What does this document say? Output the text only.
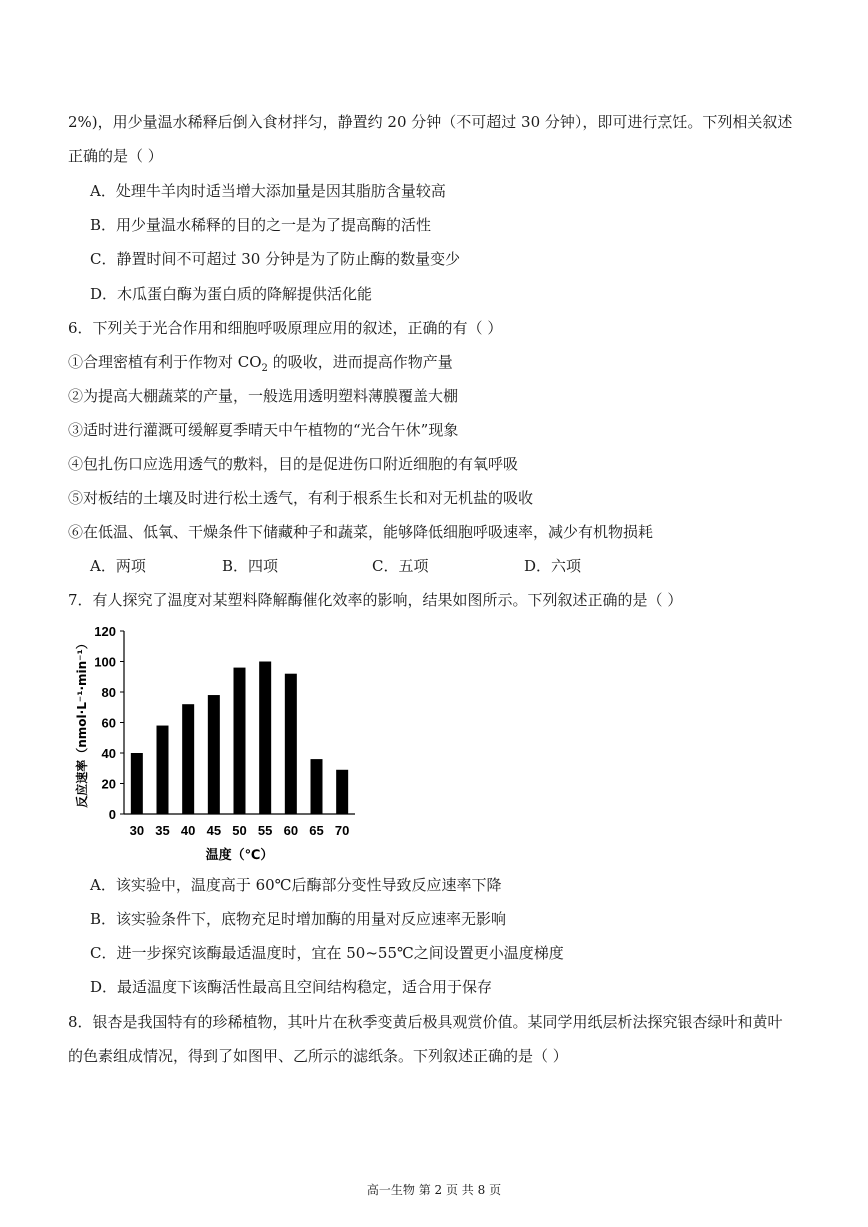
2%)，用少量温水稀释后倒入食材拌匀，静置约 20 分钟（不可超过 30 分钟），即可进行烹饪。下列相关叙述
正确的是（ ）
A．处理牛羊肉时适当增大添加量是因其脂肪含量较高
B．用少量温水稀释的目的之一是为了提高酶的活性
C．静置时间不可超过 30 分钟是为了防止酶的数量变少
D．木瓜蛋白酶为蛋白质的降解提供活化能
6．下列关于光合作用和细胞呼吸原理应用的叙述，正确的有（ ）
①合理密植有利于作物对 $CO_2$ 的吸收，进而提高作物产量
②为提高大棚蔬菜的产量，一般选用透明塑料薄膜覆盖大棚
③适时进行灌溉可缓解夏季晴天中午植物的“光合午休”现象
④包扎伤口应选用透气的敷料，目的是促进伤口附近细胞的有氧呼吸
⑤对板结的土壤及时进行松土透气，有利于根系生长和对无机盐的吸收
⑥在低温、低氧、干燥条件下储藏种子和蔬菜，能够降低细胞呼吸速率，减少有机物损耗
A．两项	B．四项	C．五项	D．六项
7．有人探究了温度对某塑料降解酶催化效率的影响，结果如图所示。下列叙述正确的是（ ）
0
20
40
60
80
100
120
30 35 40 45 50 55 60 65 70
温度（℃）
反应速率（nmol·L⁻¹·min⁻¹）
A．该实验中，温度高于 60℃后酶部分变性导致反应速率下降
B．该实验条件下，底物充足时增加酶的用量对反应速率无影响
C．进一步探究该酶最适温度时，宜在 50~55℃之间设置更小温度梯度
D．最适温度下该酶活性最高且空间结构稳定，适合用于保存
8．银杏是我国特有的珍稀植物，其叶片在秋季变黄后极具观赏价值。某同学用纸层析法探究银杏绿叶和黄叶
的色素组成情况，得到了如图甲、乙所示的滤纸条。下列叙述正确的是（ ）
高一生物 第 2 页 共 8 页
